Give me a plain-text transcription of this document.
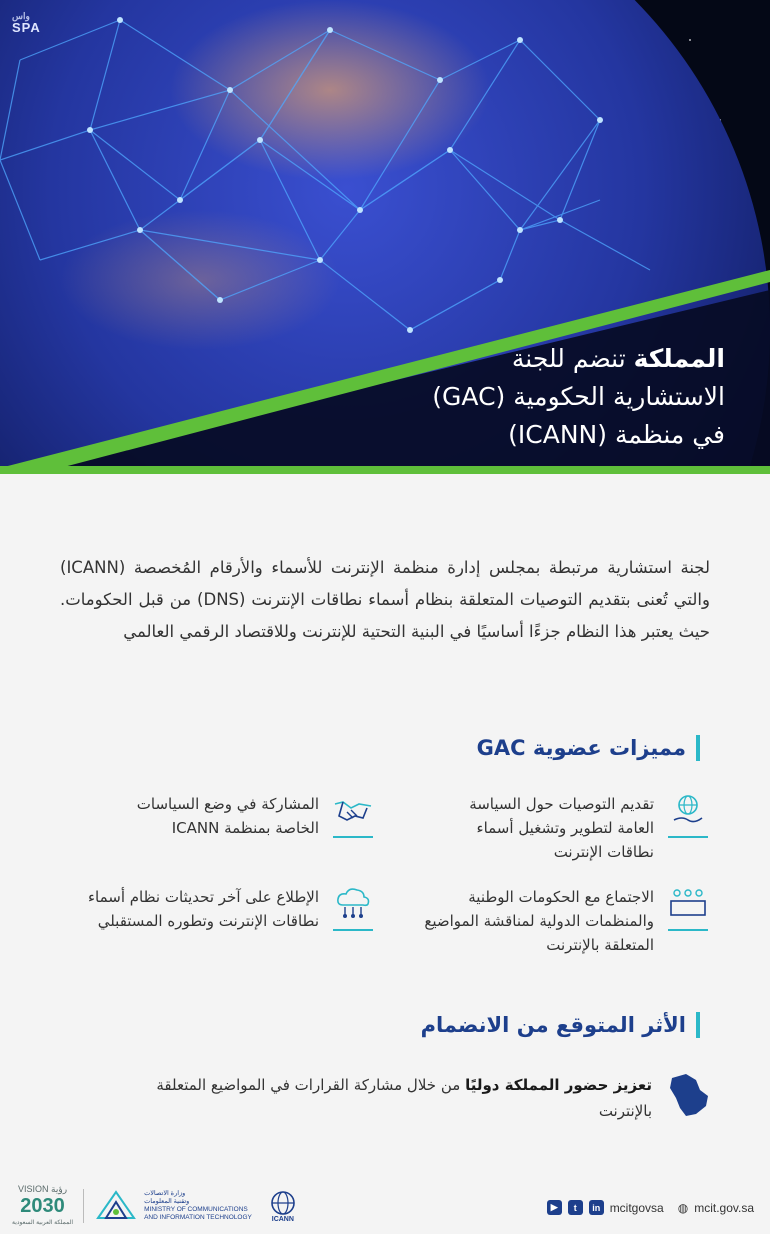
واس
SPA
المملكة تنضم للجنة
الاستشارية الحكومية (GAC)
في منظمة (ICANN)

لجنة استشارية مرتبطة بمجلس إدارة منظمة الإنترنت للأسماء والأرقام المُخصصة (ICANN) والتي تُعنى بتقديم التوصيات المتعلقة بنظام أسماء نطاقات الإنترنت (DNS) من قبل الحكومات. حيث يعتبر هذا النظام جزءًا أساسيًا في البنية التحتية للإنترنت وللاقتصاد الرقمي العالمي

مميزات عضوية GAC
تقديم التوصيات حول السياسة العامة لتطوير وتشغيل أسماء نطاقات الإنترنت
المشاركة في وضع السياسات الخاصة بمنظمة ICANN
الاجتماع مع الحكومات الوطنية والمنظمات الدولية لمناقشة المواضيع المتعلقة بالإنترنت
الإطلاع على آخر تحديثات نظام أسماء نطاقات الإنترنت وتطوره المستقبلي
الأثر المتوقع من الانضمام
تعزيز حضور المملكة دوليًا من خلال مشاركة القرارات في المواضيع المتعلقة بالإنترنت
VISION رؤية
2030
المملكة العربية السعودية
وزارة الاتصالات
وتقنية المعلومات
MINISTRY OF COMMUNICATIONS
AND INFORMATION TECHNOLOGY	ICANN
▶	t	in mcitgovsa ◍ mcit.gov.sa
